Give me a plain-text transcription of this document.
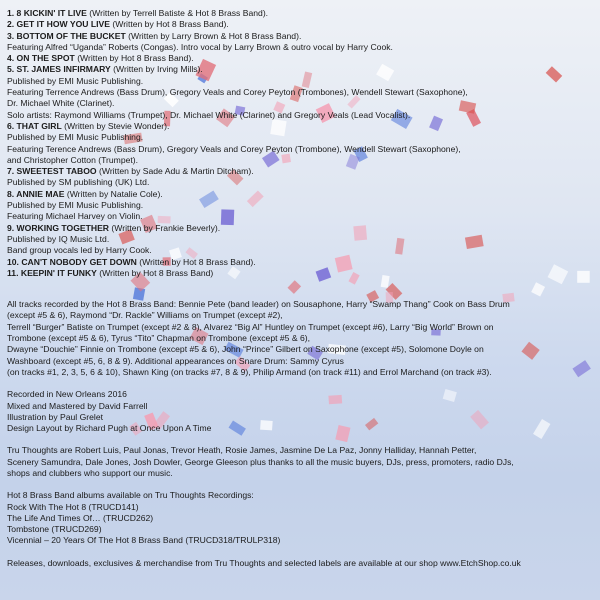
1. 8 KICKIN' IT LIVE (Written by Terrell Batiste & Hot 8 Brass Band).
2. GET IT HOW YOU LIVE (Written by Hot 8 Brass Band).
3. BOTTOM OF THE BUCKET (Written by Larry Brown & Hot 8 Brass Band).
Featuring Alfred “Uganda” Roberts (Congas). Intro vocal by Larry Brown & outro vocal by Harry Cook.
4. ON THE SPOT (Written by Hot 8 Brass Band).
5. ST. JAMES INFIRMARY (Written by Irving Mills).
Published by EMI Music Publishing.
Featuring Terrence Andrews (Bass Drum), Gregory Veals and Corey Peyton (Trombones), Wendell Stewart (Saxophone),
Dr. Michael White (Clarinet).
Solo artists: Raymond Williams (Trumpet), Dr. Michael White (Clarinet) and Gregory Veals (Lead Vocalist).
6. THAT GIRL (Written by Stevie Wonder).
Published by EMI Music Publishing.
Featuring Terence Andrews (Bass Drum), Gregory Veals and Corey Peyton (Trombone), Wendell Stewart (Saxophone),
and Christopher Cotton (Trumpet).
7. SWEETEST TABOO (Written by Sade Adu & Martin Ditcham).
Published by SM publishing (UK) Ltd.
8. ANNIE MAE (Written by Natalie Cole).
Published by EMI Music Publishing.
Featuring Michael Harvey on Violin.
9. WORKING TOGETHER (Written by Frankie Beverly).
Published by IQ Music Ltd.
Band group vocals led by Harry Cook.
10. CAN'T NOBODY GET DOWN (Written by Hot 8 Brass Band).
11. KEEPIN' IT FUNKY (Written by Hot 8 Brass Band)
All tracks recorded by the Hot 8 Brass Band: Bennie Pete (band leader) on Sousaphone, Harry “Swamp Thang” Cook on Bass Drum
(except #5 & 6), Raymond “Dr. Rackle” Williams on Trumpet (except #2),
Terrell “Burger” Batiste on Trumpet (except #2 & 8), Alvarez “Big Al” Huntley on Trumpet (except #6), Larry “Big World” Brown on
Trombone (except #5 & 6), Tyrus “Tito” Chapman on Trombone (except #5 & 6),
Dwayne “Douchie” Finnie on Trombone (except #5 & 6), John “Prince” Gilbert on Saxophone (except #5), Solomone Doyle on
Washboard (except #5, 6, 8 & 9). Additional appearances on Snare Drum: Sammy Cyrus
(on tracks #1, 2, 3, 5, 6 & 10), Shawn King (on tracks #7, 8 & 9), Philip Armand (on track #11) and Errol Marchand (on track #3).
Recorded in New Orleans 2016
Mixed and Mastered by David Farrell
Illustration by Paul Grelet
Design Layout by Richard Pugh at Once Upon A Time
Tru Thoughts are Robert Luis, Paul Jonas, Trevor Heath, Rosie James, Jasmine De La Paz, Jonny Halliday, Hannah Petter,
Scenery Samundra, Dale Jones, Josh Dowler, George Gleeson plus thanks to all the music buyers, DJs, press, promoters, radio DJs,
shops and clubbers who support our music.
Hot 8 Brass Band albums available on Tru Thoughts Recordings:
Rock With The Hot 8 (TRUCD141)
The Life And Times Of… (TRUCD262)
Tombstone (TRUCD269)
Vicennial – 20 Years Of The Hot 8 Brass Band (TRUCD318/TRULP318)
Releases, downloads, exclusives & merchandise from Tru Thoughts and selected labels are available at our shop www.EtchShop.co.uk
